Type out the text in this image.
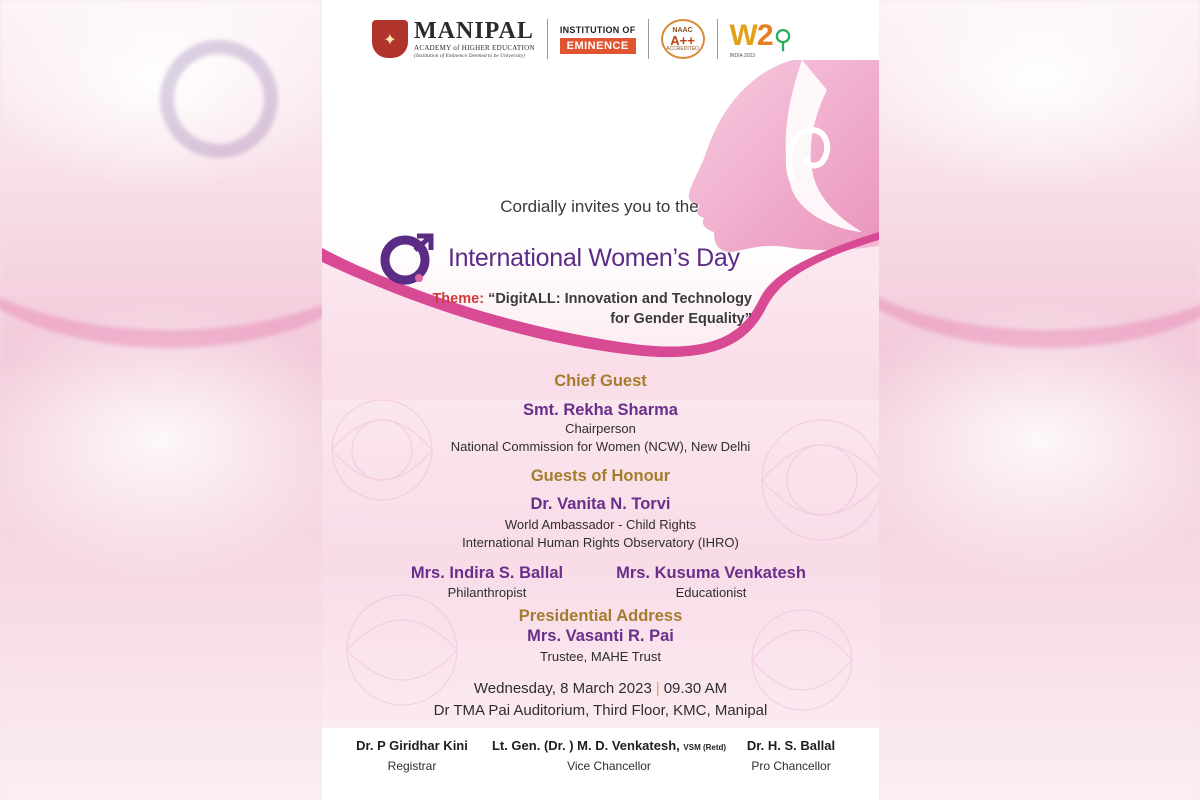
✦ MANIPAL
ACADEMY of HIGHER EDUCATION
(Institution of Eminence Deemed to be University)
INSTITUTION OF
EMINENCE
NAAC
A++
ACCREDITED W2
INDIA 2023
⚲
Cordially invites you to the
International Women’s Day
Theme: “DigitALL: Innovation and Technology
for Gender Equality”
Chief Guest
Smt. Rekha Sharma
Chairperson
National Commission for Women (NCW), New Delhi
Guests of Honour
Dr. Vanita N. Torvi
World Ambassador - Child Rights
International Human Rights Observatory (IHRO)
Mrs. Indira S. Ballal
Philanthropist
Mrs. Kusuma Venkatesh
Educationist
Presidential Address
Mrs. Vasanti R. Pai
Trustee, MAHE Trust
Wednesday, 8 March 2023 | 09.30 AM
Dr TMA Pai Auditorium, Third Floor, KMC, Manipal
Dr. P Giridhar Kini
Registrar
Lt. Gen. (Dr. ) M. D. Venkatesh, VSM (Retd)
Vice Chancellor
Dr. H. S. Ballal
Pro Chancellor
